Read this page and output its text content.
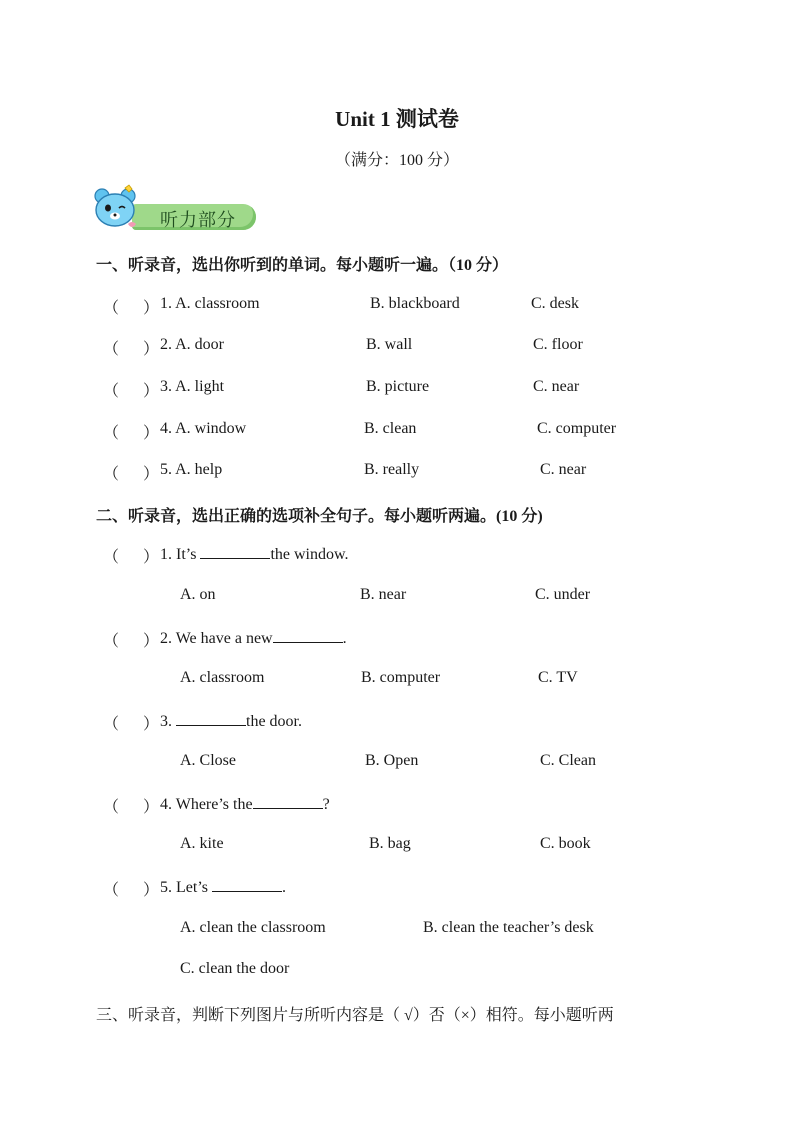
Unit 1 测试卷
（满分：100 分）
听力部分
一、听录音，选出你听到的单词。每小题听一遍。（10 分）
（ ） 1. A. classroom	B. blackboard	C. desk
（ ） 2. A. door	B. wall	C. floor
（ ） 3. A. light	B. picture	C. near
（ ） 4. A. window	B. clean	C. computer
（ ） 5. A. help	B. really	C. near
二、听录音，选出正确的选项补全句子。每小题听两遍。(10 分)
（ ） 1. It’s	the window.
A. on	B. near	C. under
（ ） 2. We have a new	.
A. classroom	B. computer	C. TV
（ ） 3.	the door.
A. Close	B. Open	C. Clean
（ ） 4. Where’s the	?
A. kite	B. bag	C. book
（ ） 5. Let’s	.
A. clean the classroom	B. clean the teacher’s desk
C. clean the door
三、听录音，判断下列图片与所听内容是（ √）否（×）相符。每小题听两
